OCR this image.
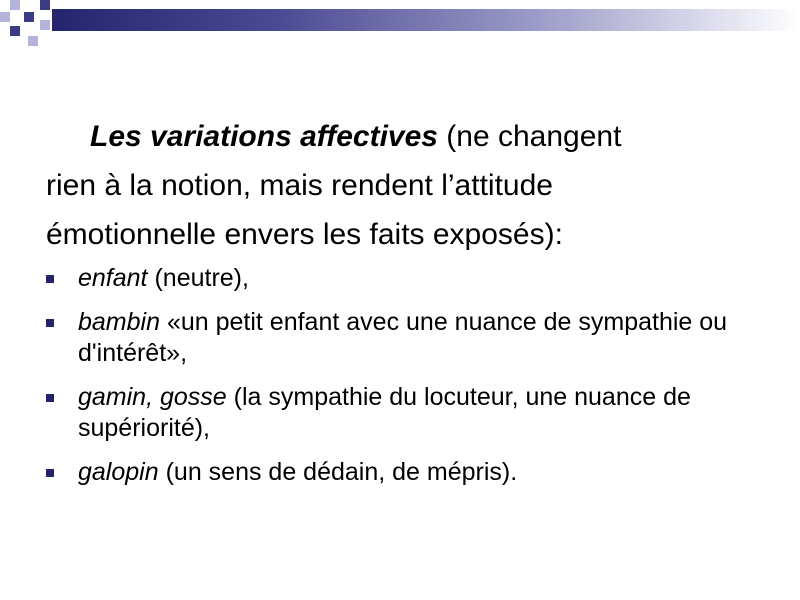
Les variations affectives (ne changent
rien à la notion, mais rendent l’attitude
émotionnelle envers les faits exposés):

enfant (neutre),
bambin «un petit enfant avec une nuance de sympathie ou d'intérêt»,
gamin, gosse (la sympathie du locuteur, une nuance de supériorité),
galopin (un sens de dédain, de mépris).
